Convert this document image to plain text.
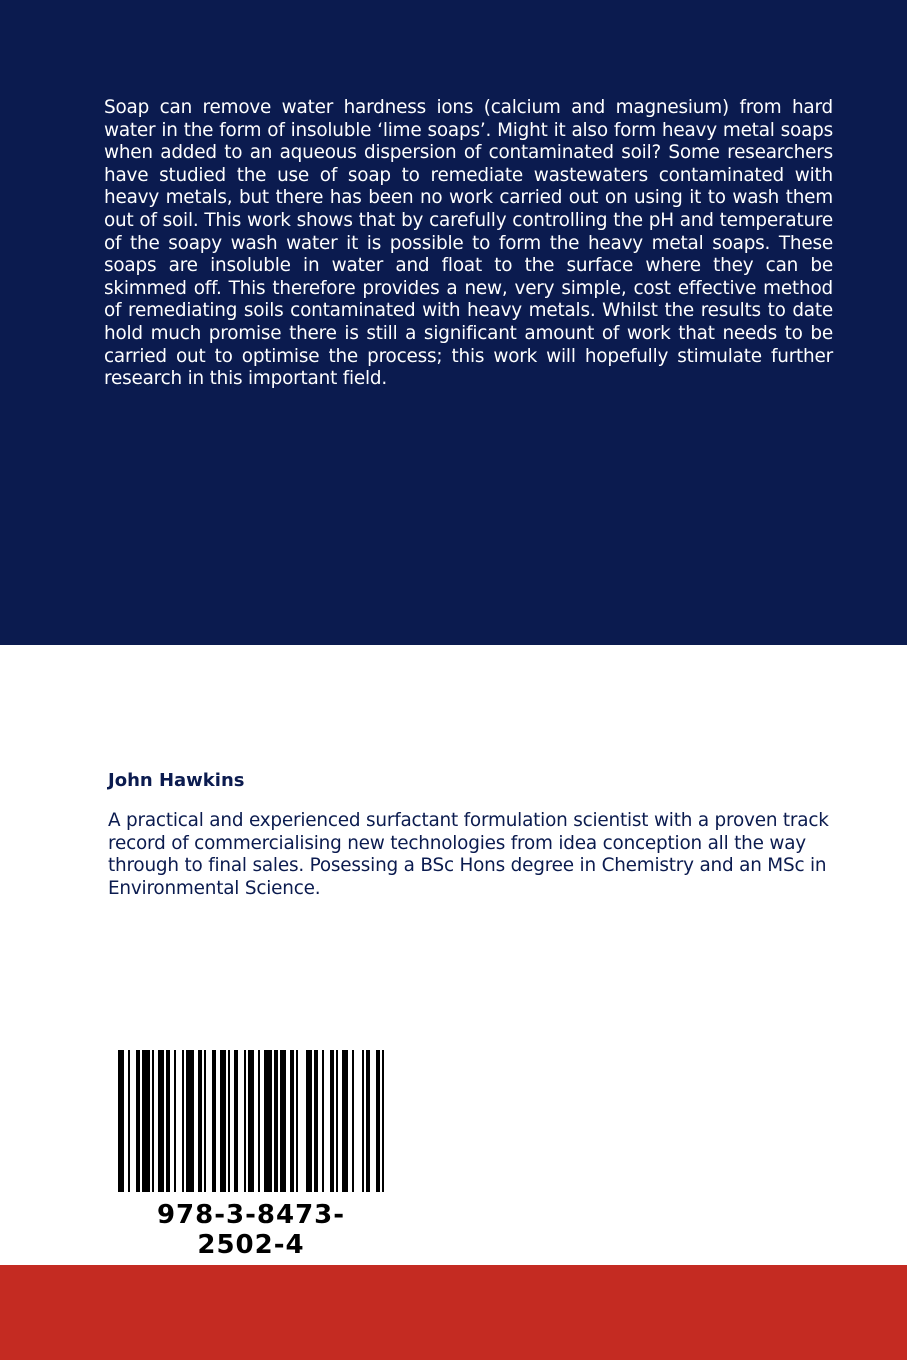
Soap can remove water hardness ions (calcium and magnesium) from hard water in the form of insoluble ‘lime soaps’. Might it also form heavy metal soaps when added to an aqueous dispersion of contaminated soil? Some researchers have studied the use of soap to remediate wastewaters contaminated with heavy metals, but there has been no work carried out on using it to wash them out of soil. This work shows that by carefully controlling the pH and temperature of the soapy wash water it is possible to form the heavy metal soaps. These soaps are insoluble in water and float to the surface where they can be skimmed off. This therefore provides a new, very simple, cost effective method of remediating soils contaminated with heavy metals. Whilst the results to date hold much promise there is still a significant amount of work that needs to be carried out to optimise the process; this work will hopefully stimulate further research in this important field.

John Hawkins

A practical and experienced surfactant formulation scientist with a proven track record of commercialising new technologies from idea conception all the way through to final sales. Posessing a BSc Hons degree in Chemistry and an MSc in Environmental Science.

978-3-8473-2502-4
